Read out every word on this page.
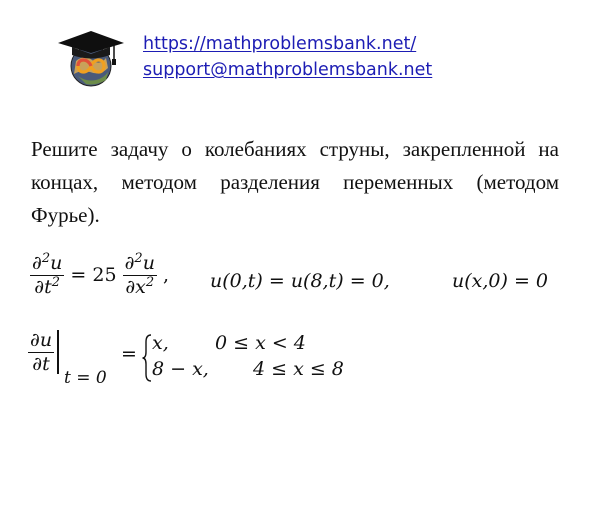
https://mathproblemsbank.net/
support@mathproblemsbank.net
Решите задачу о колебаниях струны, закрепленной на концах, методом разделения переменных (методом Фурье).
$\frac{\partial^2u}{\partial t^2} = 25 \frac{\partial^2u}{\partial x^2}$ , u(0,t) = u(8,t) = 0,	u(x,0) = 0
$\frac{\partial u}{\partial t}$
t = 0
= x, 0 ≤ x < 4
8 − x, 4 ≤ x ≤ 8
